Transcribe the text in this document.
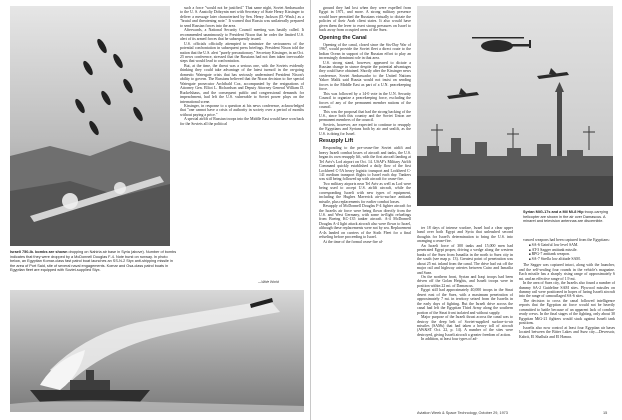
such a force "would not be justified." That same night, Soviet Ambassador to the U. S. Anatoliy Dobrynin met with Secretary of State Henry Kissinger to deliver a message later characterized by Sen. Henry Jackson (D.-Wash.) as a "brutal and threatening note." It warned that Russia was unilaterally prepared to send Russian forces into the area.

Afterwards, a National Security Council meeting was hastily called. It recommended unanimously to President Nixon that he order the limited U.S. alert of its armed forces that he subsequently issued.

U.S. officials officially attempted to minimize the seriousness of the potential confrontation in subsequent press briefings. President Nixon told the nation that the U.S. alert "purely precautionary." Secretary Kissinger, in an Oct. 25 news conference, stressed that the Russians had not then taken irrevocable steps that would lead to confrontation.

But, at the time, the threat was a serious one, with the Soviets evidently thinking they could take advantage of the latest turmoil in the on-going domestic Watergate crisis that has seriously undermined President Nixon's ability to govern. The Russians believed that the Nixon decision to fire special Watergate prosecutor Archibald Cox, accompanied by the resignations of Attorney Gen. Elliot L. Richardson and Deputy Attorney General William D. Ruckelshaus, and the consequent public and congressional demands for impeachment, had left the U.S. vulnerable to Soviet power plays on the international scene.

Kissinger, in response to a question at his news conference, acknowledged that "one cannot have a crisis of authority in society over a period of months without paying a price."

A special airlift of Russian troops into the Middle East would have won back for the Soviets all the political

Israeli 750-lb. bombs are shown dropping on Nahiria air base in Syria (above). Number of bombs indicates that they were dropped by a McDonnell Douglas F-4. Note burst on runway. In photo below, an Egyptian Komar-class fast patrol boat launches an SS-N-2 Styx anti-shipping missile in the area of Port Said, site of several naval engagements. Komar and Osa-class patrol boats in Egyptian fleet are equipped with Soviet-supplied Styx.
—Wide World

ground they had lost when they were expelled from Egypt in 1971, and more. A strong military presence would have permitted the Russians virtually to dictate the policies of their Arab client states. It also would have given them the lever to exert strong pressures on Israel to back away from occupied areas of the Suez.

Opening the Canal

Opening of the canal, closed since the Six-Day War of 1967, would provide the Soviet fleet a direct route to the Indian Ocean in support of the Russian effort to play an increasingly dominant role in that area.

U.S. strong stand, however, appeared to dictate a Russian change in stance despite the potential advantages they could have obtained. Shortly after the Kissinger news conference, Soviet Ambassador to the United Nations Yakov Malik said Russia would not insist on sending forces to the Middle East as part of a U.N. peacekeeping force.

This was followed by a 14-0 vote in the U.N. Security Council to organize a peacekeeping force, excluding the forces of any of the permanent member nations of the council.

This was the proposal that had the strong backing of the U.S., since both this country and the Soviet Union are permanent members of the council.

Soviets, however, are expected to continue to resupply the Egyptians and Syrians both by air and sealift, as the U.S. is doing for Israel.

Resupply Lift

Responding to the pre-cease-fire Soviet airlift and heavy Israeli combat losses of aircraft and tanks, the U.S. began its own resupply lift, with the first aircraft landing at Tel Aviv's Lod airport on Oct. 14. USAF's Military Airlift Command quickly established a daily flow of the first Lockheed C-5A heavy logistic transport and Lockheed C-141 medium transport flights to Israel each day. Tankers was still being followed up with aircraft for cease-fire.

Two military airports near Tel Aviv as well as Lod were being used to accept U.S. airlift aircraft, while the corresponding Israeli with new types of equipment, including the Hughes Maverick air-to-surface antitank missile, plus replacements for earlier combat losses.

Resupply of McDonnell Douglas F-4 fighter aircraft for the Israelis air force were being flown directly from the U.S. and West Germany, with some in-flight refuelings from Boeing KC-135 tanker aircraft. A-4 McDonnell Douglas A-4 light attack aircraft also were flown to Israel, although these replacements were not by sea. Replacement A-4s landed on carriers of the Sixth Fleet for a final refueling before proceeding to Israel.

At the time of the formal cease-fire al-

Syrian MiG-17s and a Mil Mi-8 Hip troop-carrying helicopter are shown in the air over Damascus. A minaret and television antennas are discernible.

ter 18 days of intense warfare, Israel had a clear upper hand over both Egypt and Syria that unleashed second thoughts for Israel's determination to bring the U.S. into arranging a cease-fire.

An Israeli force of 300 tanks and 15,000 men had penetrated Egypt proper, driving a wedge along the western banks of the Suez from Ismailia in the north to Suez city in the south (see map p. 13). Greatest point of penetration was about 25 mi. inland from the canal. The drive had cut off the major rail and highway arteries between Cairo and Ismailia and Suez.

On the northern front, Syrian and Iraqi troops had been driven off the Golan Heights, and Israeli troops were in position within 22 mi. of Damascus.

Egypt still had approximately 40,000 troops in the Sinai desert east of the Suez, with a maximum penetration of approximately 7 mi. in territory seized from the Israelis in the early days of fighting. But the Israeli drive across the canal had left the Egyptian Third Army along the southern portion of the Sinai front isolated and without supply.

Major purpose of the Israeli thrust across the canal was to destroy the deep belt of Soviet-supplied surface-to-air missiles (SAMs) that had taken a heavy toll of aircraft (AW&ST Oct. 22, p. 14). A number of the sites were destroyed, giving Israeli aircraft a greater freedom of action.

In addition, at least four types of ad-

vanced weapons had been captured from the Egyptians:

■ SA-6 Gainful low level SAM.
■ AT-3 Sagger antitank missile.
■ RPG-7 antitank weapon.
■ SA-7 Strella low altitude SAM.

The Sagger was captured intact, along with the launcher, and the self-sealing four rounds in the vehicle's magazine. Each missile has a sharply rising range of approximately 6 mi. and an effective range of 1.9 mi.

In the area of Suez city, the Israelis also found a number of dummy SA-2 Guideline SAM sites. Plywood missiles on dummy rail were positioned in hopes of luring Israeli aircraft into the range of camouflaged SA-6 sites.

The decision to cross the canal followed intelligence reports that the Egyptian air force would not be heavily committed to battle because of an apparent lack of combat-ready crews. In the final stages of the fighting, only about 30 Egyptian MiG-21 fighters would stack against Israeli tank positions.

Israelis also now control at least four Egyptian air bases located between the Bitter Lakes and Suez city—Deversoir, Kabrit, El Shallufa and El Hamra.

Aviation Week & Space Technology, October 29, 1973	15
